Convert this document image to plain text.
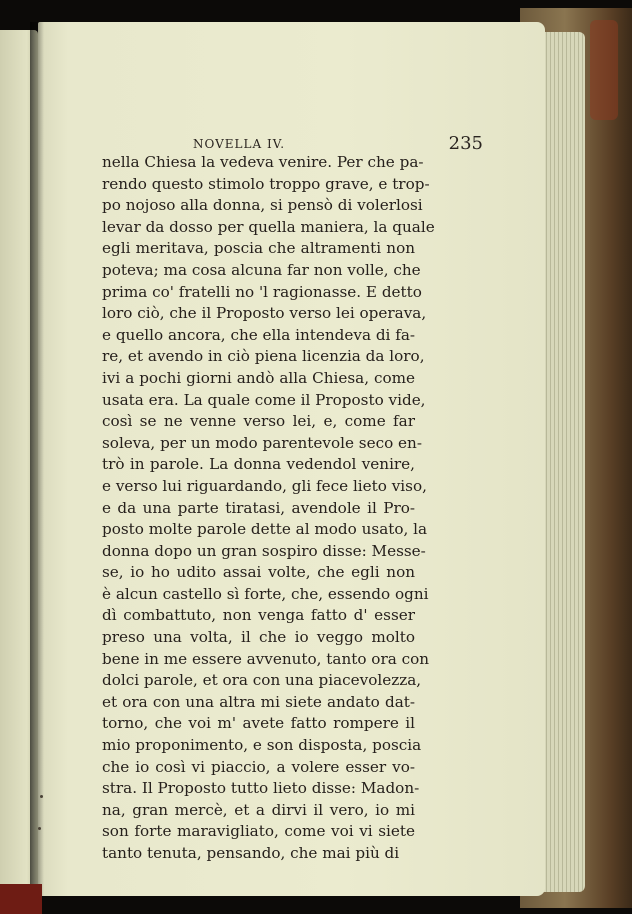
NOVELLA IV.	235
nella Chiesa la vedeva venire. Per che pa-
rendo questo stimolo troppo grave, e trop-
po nojoso alla donna, si pensò di volerlosi
levar da dosso per quella maniera, la quale
egli meritava, poscia che altramenti non
poteva; ma cosa alcuna far non volle, che
prima co' fratelli no 'l ragionasse. E detto
loro ciò, che il Proposto verso lei operava,
e quello ancora, che ella intendeva di fa-
re, et avendo in ciò piena licenzia da loro,
ivi a pochi giorni andò alla Chiesa, come
usata era. La quale come il Proposto vide,
così se ne venne verso lei, e, come far
soleva, per un modo parentevole seco en-
trò in parole. La donna vedendol venire,
e verso lui riguardando, gli fece lieto viso,
e da una parte tiratasi, avendole il Pro-
posto molte parole dette al modo usato, la
donna dopo un gran sospiro disse: Messe-
se, io ho udito assai volte, che egli non
è alcun castello sì forte, che, essendo ogni
dì combattuto, non venga fatto d' esser
preso una volta, il che io veggo molto
bene in me essere avvenuto, tanto ora con
dolci parole, et ora con una piacevolezza,
et ora con una altra mi siete andato dat-
torno, che voi m' avete fatto rompere il
mio proponimento, e son disposta, poscia
che io così vi piaccio, a volere esser vo-
stra. Il Proposto tutto lieto disse: Madon-
na, gran mercè, et a dirvi il vero, io mi
son forte maravigliato, come voi vi siete
tanto tenuta, pensando, che mai più di
